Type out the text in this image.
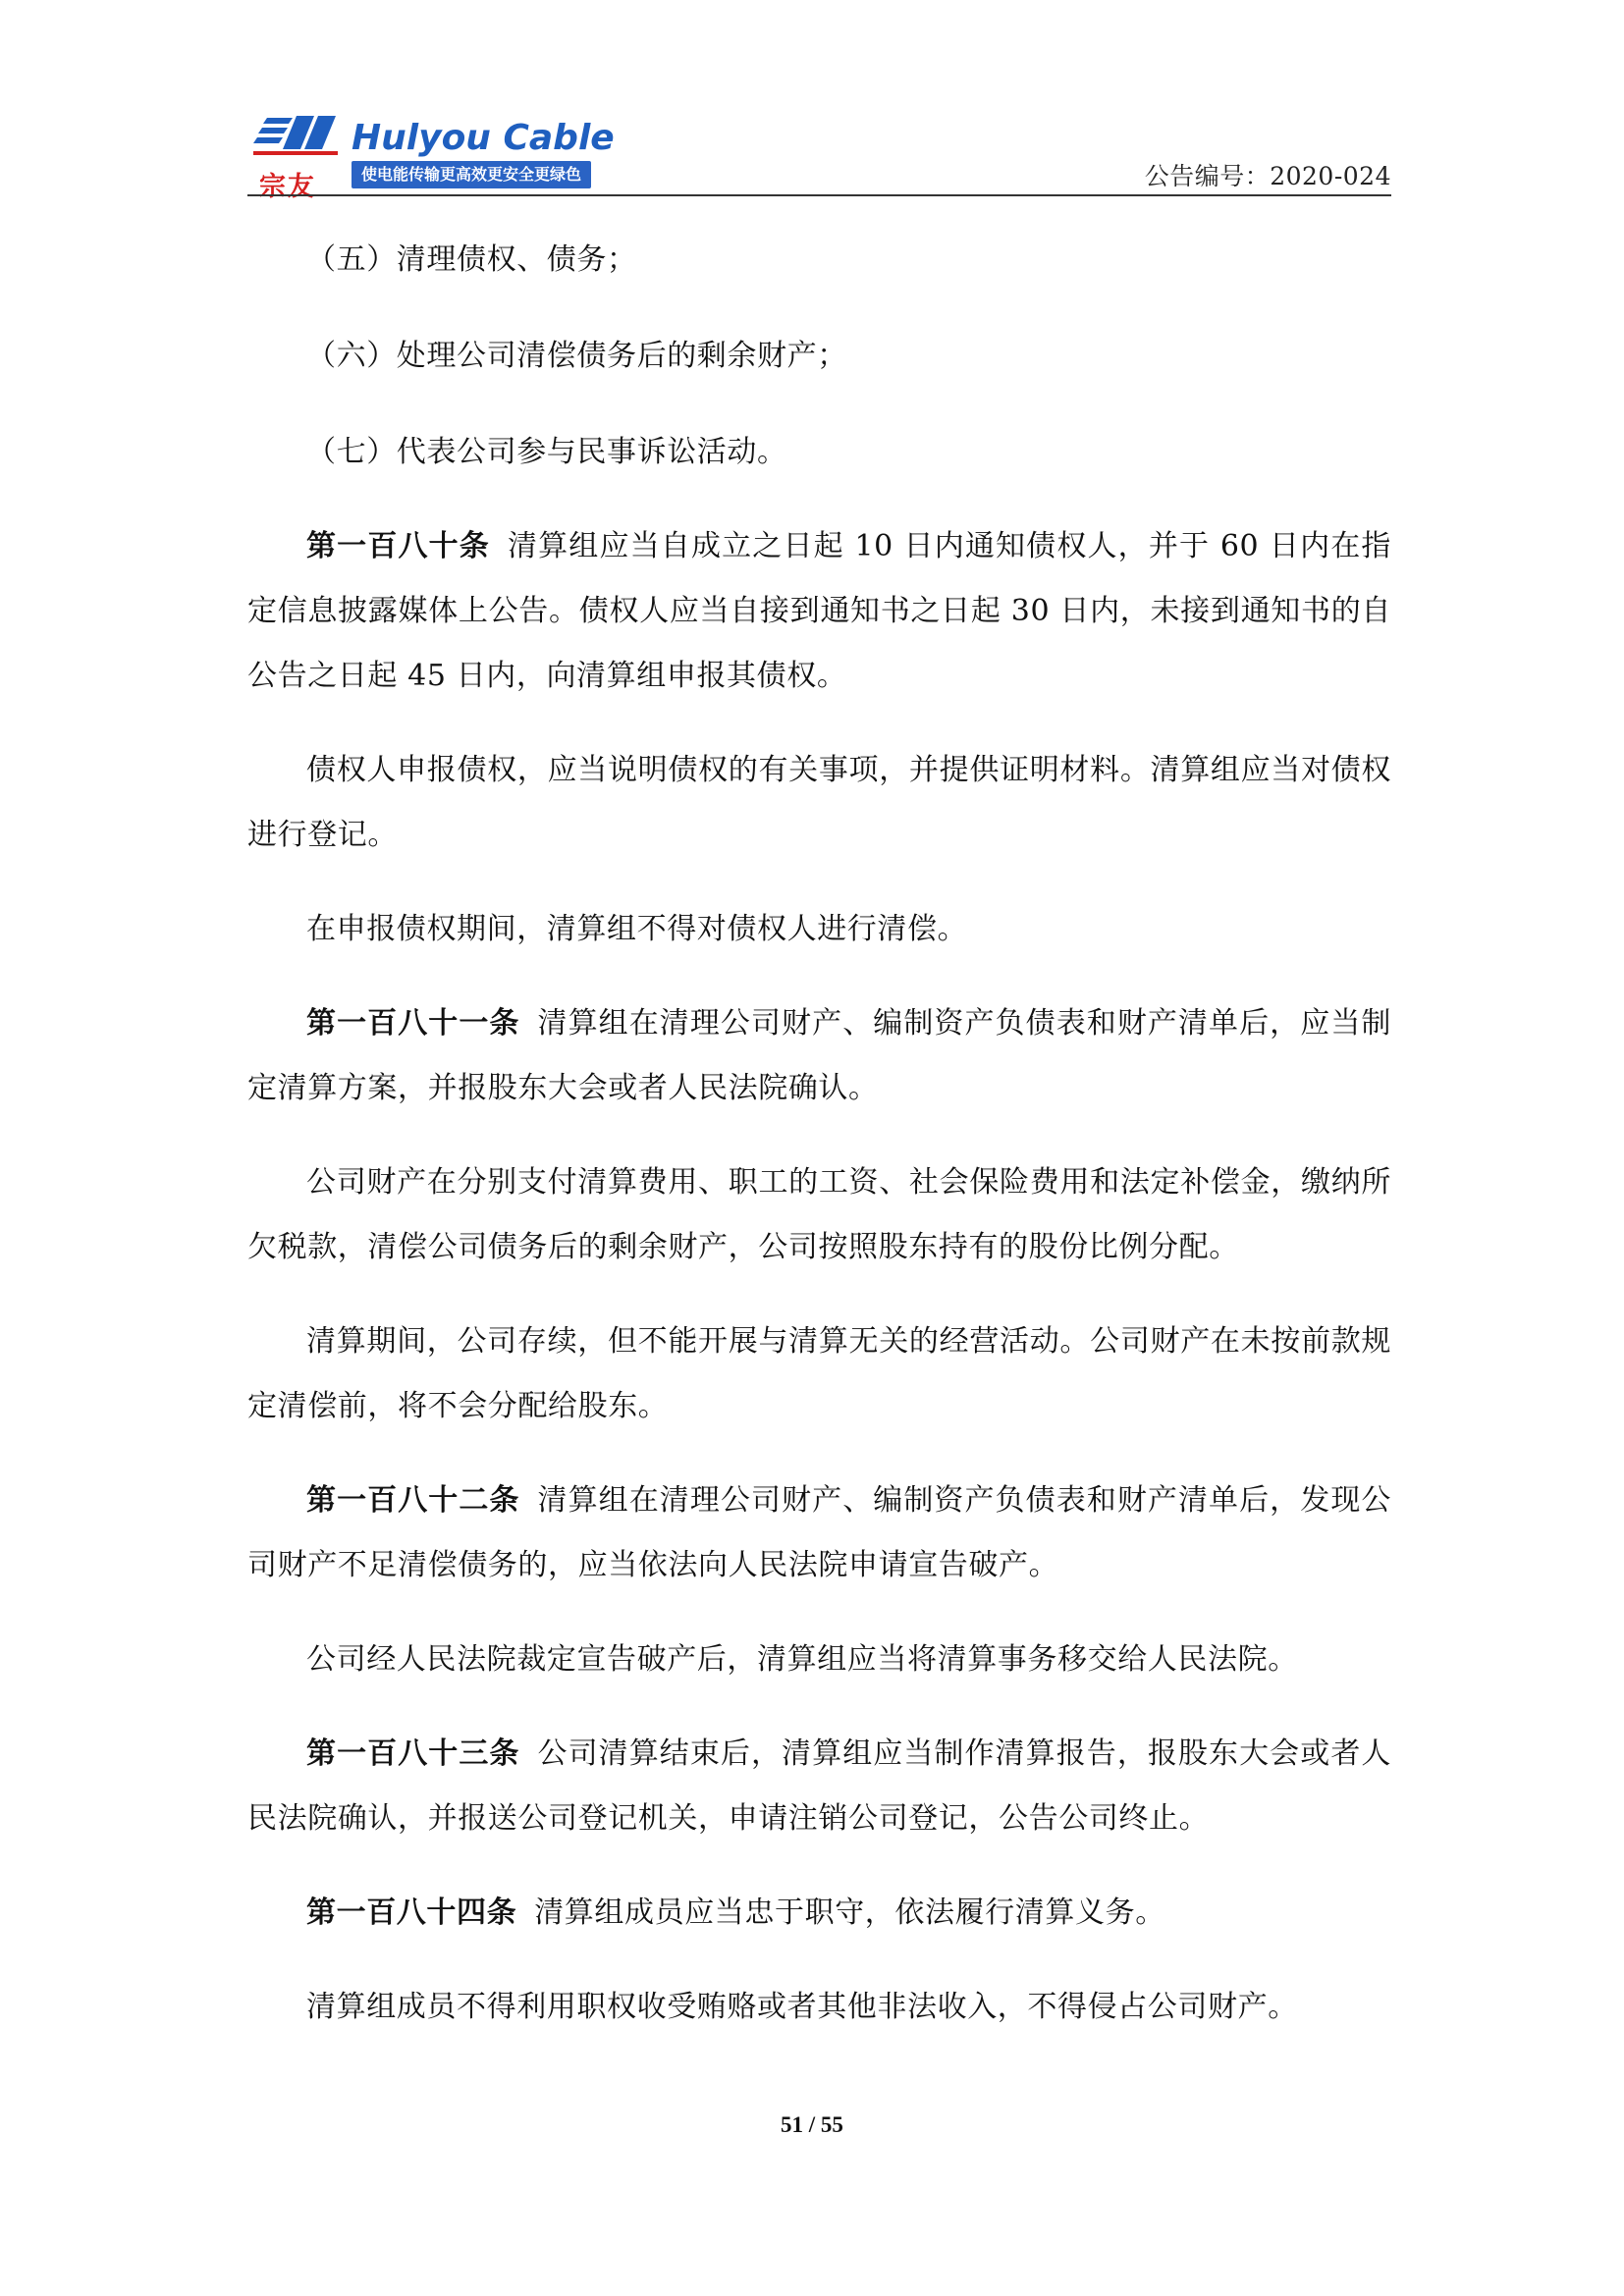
宗友
Hulyou Cable
使电能传输更高效更安全更绿色	公告编号：2020-024

（五）清理债权、债务；

（六）处理公司清偿债务后的剩余财产；

（七）代表公司参与民事诉讼活动。

第一百八十条 清算组应当自成立之日起 10 日内通知债权人，并于 60 日内在指定信息披露媒体上公告。债权人应当自接到通知书之日起 30 日内，未接到通知书的自公告之日起 45 日内，向清算组申报其债权。

债权人申报债权，应当说明债权的有关事项，并提供证明材料。清算组应当对债权进行登记。

在申报债权期间，清算组不得对债权人进行清偿。

第一百八十一条 清算组在清理公司财产、编制资产负债表和财产清单后，应当制定清算方案，并报股东大会或者人民法院确认。

公司财产在分别支付清算费用、职工的工资、社会保险费用和法定补偿金，缴纳所欠税款，清偿公司债务后的剩余财产，公司按照股东持有的股份比例分配。

清算期间，公司存续，但不能开展与清算无关的经营活动。公司财产在未按前款规定清偿前，将不会分配给股东。

第一百八十二条 清算组在清理公司财产、编制资产负债表和财产清单后，发现公司财产不足清偿债务的，应当依法向人民法院申请宣告破产。

公司经人民法院裁定宣告破产后，清算组应当将清算事务移交给人民法院。

第一百八十三条 公司清算结束后，清算组应当制作清算报告，报股东大会或者人民法院确认，并报送公司登记机关，申请注销公司登记，公告公司终止。

第一百八十四条 清算组成员应当忠于职守，依法履行清算义务。

清算组成员不得利用职权收受贿赂或者其他非法收入，不得侵占公司财产。

51 / 55
